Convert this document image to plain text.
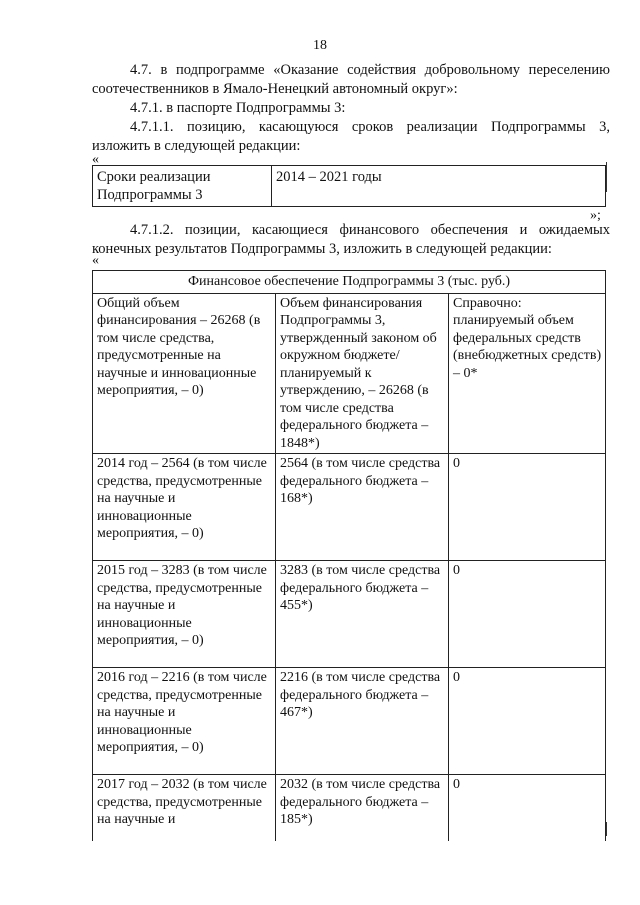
18
4.7. в подпрограмме «Оказание содействия добровольному переселению соотечественников в Ямало-Ненецкий автономный округ»:
4.7.1. в паспорте Подпрограммы 3:
4.7.1.1. позицию, касающуюся сроков реализации Подпрограммы 3, изложить в следующей редакции:
«
Сроки реализации Подпрограммы 3	2014 – 2021 годы
»;
4.7.1.2. позиции, касающиеся финансового обеспечения и ожидаемых конечных результатов Подпрограммы 3, изложить в следующей редакции:
«
Финансовое обеспечение Подпрограммы 3 (тыс. руб.)		
Общий объем финансирования – 26268 (в том числе средства, предусмотренные на научные и инновационные мероприятия, – 0)	Объем финансирования Подпрограммы 3, утвержденный законом об окружном бюджете/ планируемый к утверждению, – 26268 (в том числе средства федерального бюджета – 1848*)	Справочно: планируемый объем федеральных средств (внебюджетных средств) – 0*
2014 год – 2564 (в том числе средства, предусмотренные на научные и инновационные мероприятия, – 0)	2564 (в том числе средства федерального бюджета – 168*)	0
2015 год – 3283 (в том числе средства, предусмотренные на научные и инновационные мероприятия, – 0)	3283 (в том числе средства федерального бюджета – 455*)	0
2016 год – 2216 (в том числе средства, предусмотренные на научные и инновационные мероприятия, – 0)	2216 (в том числе средства федерального бюджета – 467*)	0
2017 год – 2032 (в том числе средства, предусмотренные на научные и	2032 (в том числе средства федерального бюджета – 185*)	0
